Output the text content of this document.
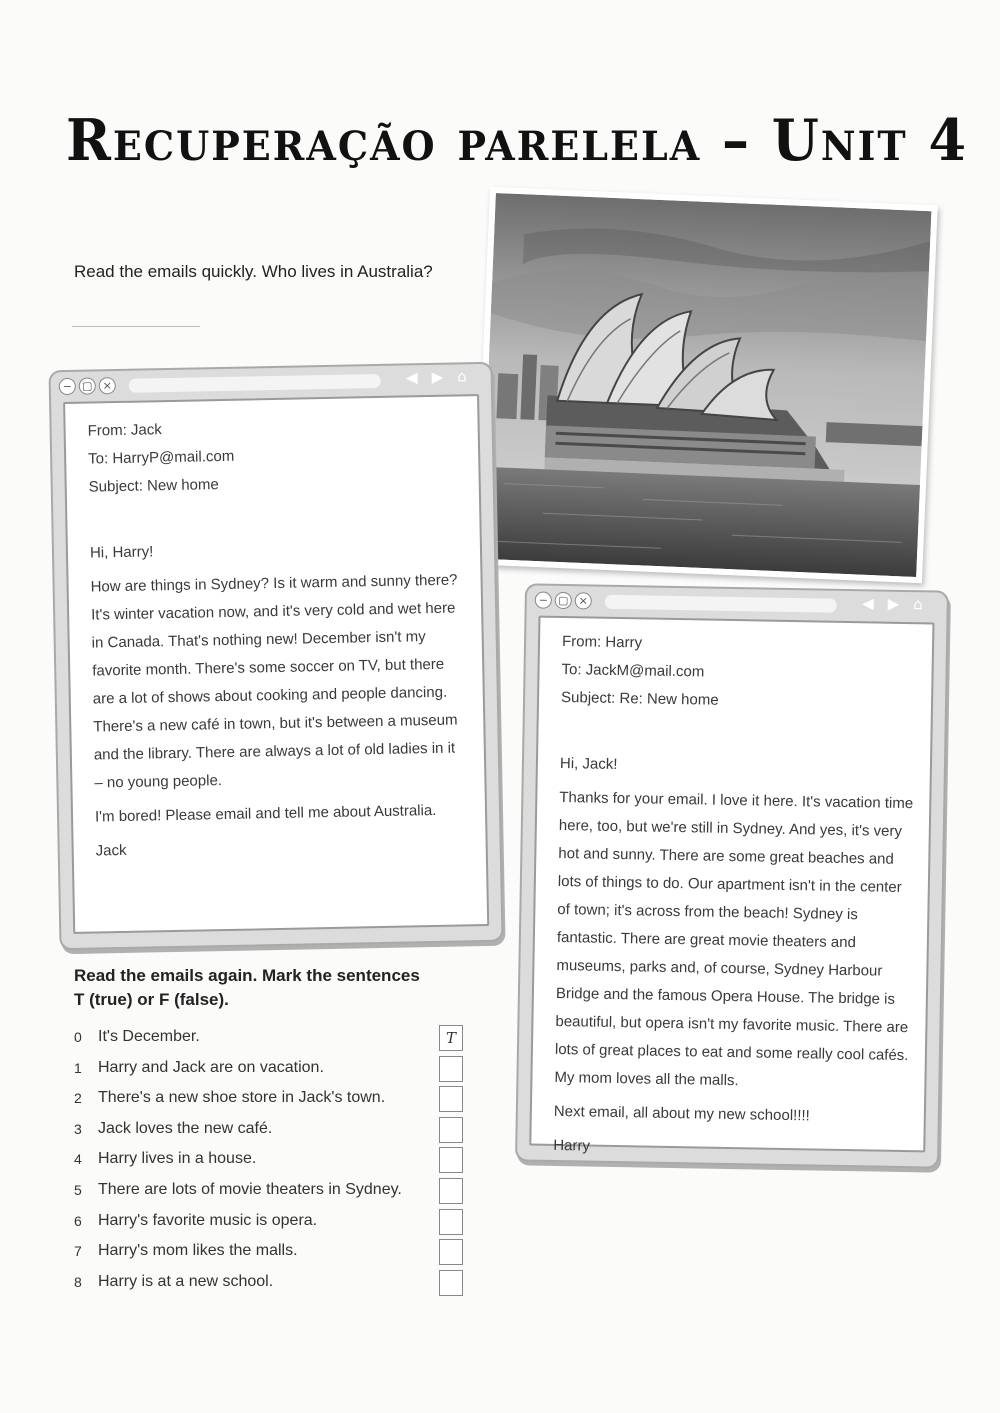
Recuperação parelela – Unit 4
Read the emails quickly. Who lives in Australia?
− ▢ ×	◀▶⌂
From: Jack
To: HarryP@mail.com
Subject: New home

Hi, Harry!

How are things in Sydney? Is it warm and sunny there? It's winter vacation now, and it's very cold and wet here in Canada. That's nothing new! December isn't my favorite month. There's some soccer on TV, but there are a lot of shows about cooking and people dancing. There's a new café in town, but it's between a museum and the library. There are always a lot of old ladies in it – no young people.

I'm bored! Please email and tell me about Australia.

Jack

− ▢ ×	◀▶⌂
From: Harry
To: JackM@mail.com
Subject: Re: New home

Hi, Jack!

Thanks for your email. I love it here. It's vacation time here, too, but we're still in Sydney. And yes, it's very hot and sunny. There are some great beaches and lots of things to do. Our apartment isn't in the center of town; it's across from the beach! Sydney is fantastic. There are great movie theaters and museums, parks and, of course, Sydney Harbour Bridge and the famous Opera House. The bridge is beautiful, but opera isn't my favorite music. There are lots of great places to eat and some really cool cafés. My mom loves all the malls.

Next email, all about my new school!!!!

Harry

Read the emails again. Mark the sentences
T (true) or F (false).
0	It's December.	T
1	Harry and Jack are on vacation.
2	There's a new shoe store in Jack's town.
3	Jack loves the new café.
4	Harry lives in a house.
5	There are lots of movie theaters in Sydney.
6	Harry's favorite music is opera.
7	Harry's mom likes the malls.
8	Harry is at a new school.
